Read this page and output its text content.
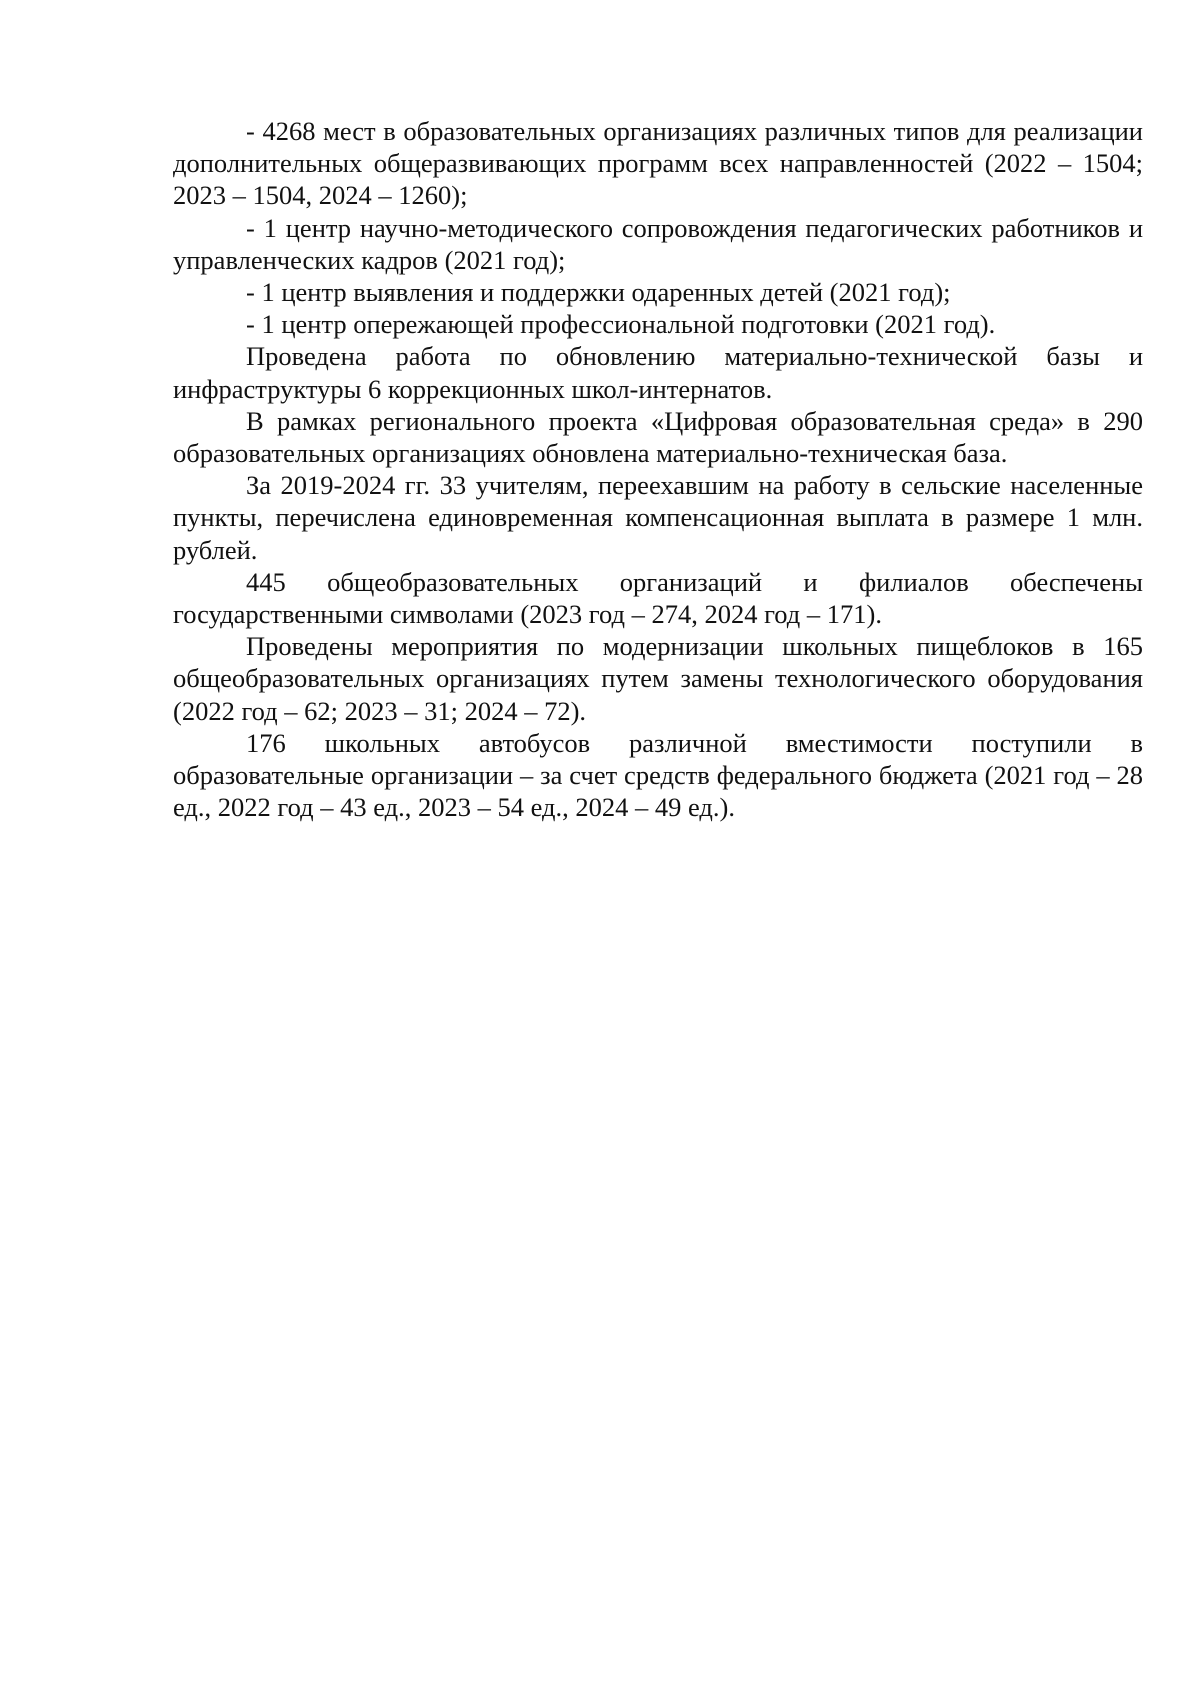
- 4268 мест в образовательных организациях различных типов для реализации дополнительных общеразвивающих программ всех направленностей (2022 – 1504; 2023 – 1504, 2024 – 1260);

- 1 центр научно-методического сопровождения педагогических работников и управленческих кадров (2021 год);

- 1 центр выявления и поддержки одаренных детей (2021 год);

- 1 центр опережающей профессиональной подготовки (2021 год).

Проведена работа по обновлению материально-технической базы и инфраструктуры 6 коррекционных школ-интернатов.

В рамках регионального проекта «Цифровая образовательная среда» в 290 образовательных организациях обновлена материально-техническая база.

За 2019-2024 гг. 33 учителям, переехавшим на работу в сельские населенные пункты, перечислена единовременная компенсационная выплата в размере 1 млн. рублей.

445 общеобразовательных организаций и филиалов обеспечены государственными символами (2023 год – 274, 2024 год – 171).

Проведены мероприятия по модернизации школьных пищеблоков в 165 общеобразовательных организациях путем замены технологического оборудования (2022 год – 62; 2023 – 31; 2024 – 72).

176 школьных автобусов различной вместимости поступили в образовательные организации – за счет средств федерального бюджета (2021 год – 28 ед., 2022 год – 43 ед., 2023 – 54 ед., 2024 – 49 ед.).
